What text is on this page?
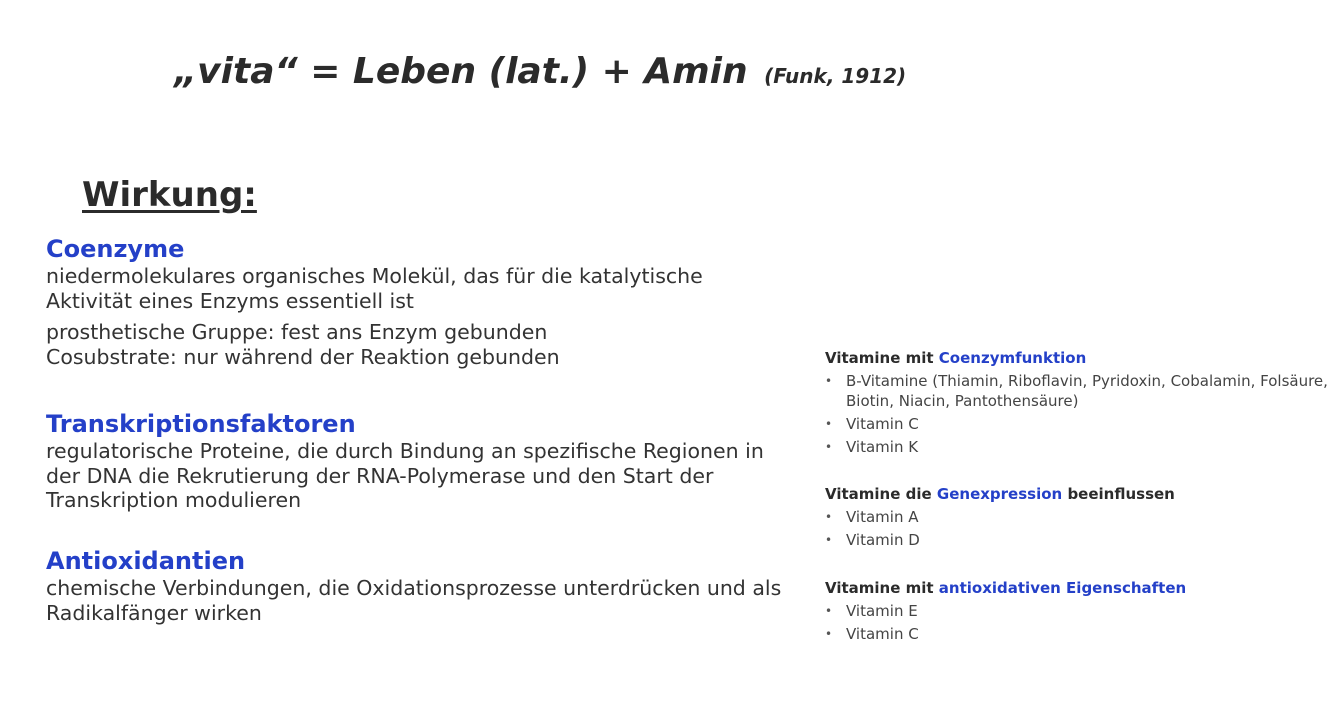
„vita“ = Leben (lat.) + Amin (Funk, 1912)
Wirkung:
Coenzyme

niedermolekulares organisches Molekül, das für die katalytische
Aktivität eines Enzyms essentiell ist

prosthetische Gruppe: fest ans Enzym gebunden
Cosubstrate: nur während der Reaktion gebunden

Transkriptionsfaktoren

regulatorische Proteine, die durch Bindung an spezifische Regionen in
der DNA die Rekrutierung der RNA-Polymerase und den Start der
Transkription modulieren

Antioxidantien

chemische Verbindungen, die Oxidationsprozesse unterdrücken und als
Radikalfänger wirken

Vitamine mit Coenzymfunktion
• B-Vitamine (Thiamin, Riboflavin, Pyridoxin, Cobalamin, Folsäure,
Biotin, Niacin, Pantothensäure)
• Vitamin C
• Vitamin K
Vitamine die Genexpression beeinflussen
• Vitamin A
• Vitamin D
Vitamine mit antioxidativen Eigenschaften
• Vitamin E
• Vitamin C
